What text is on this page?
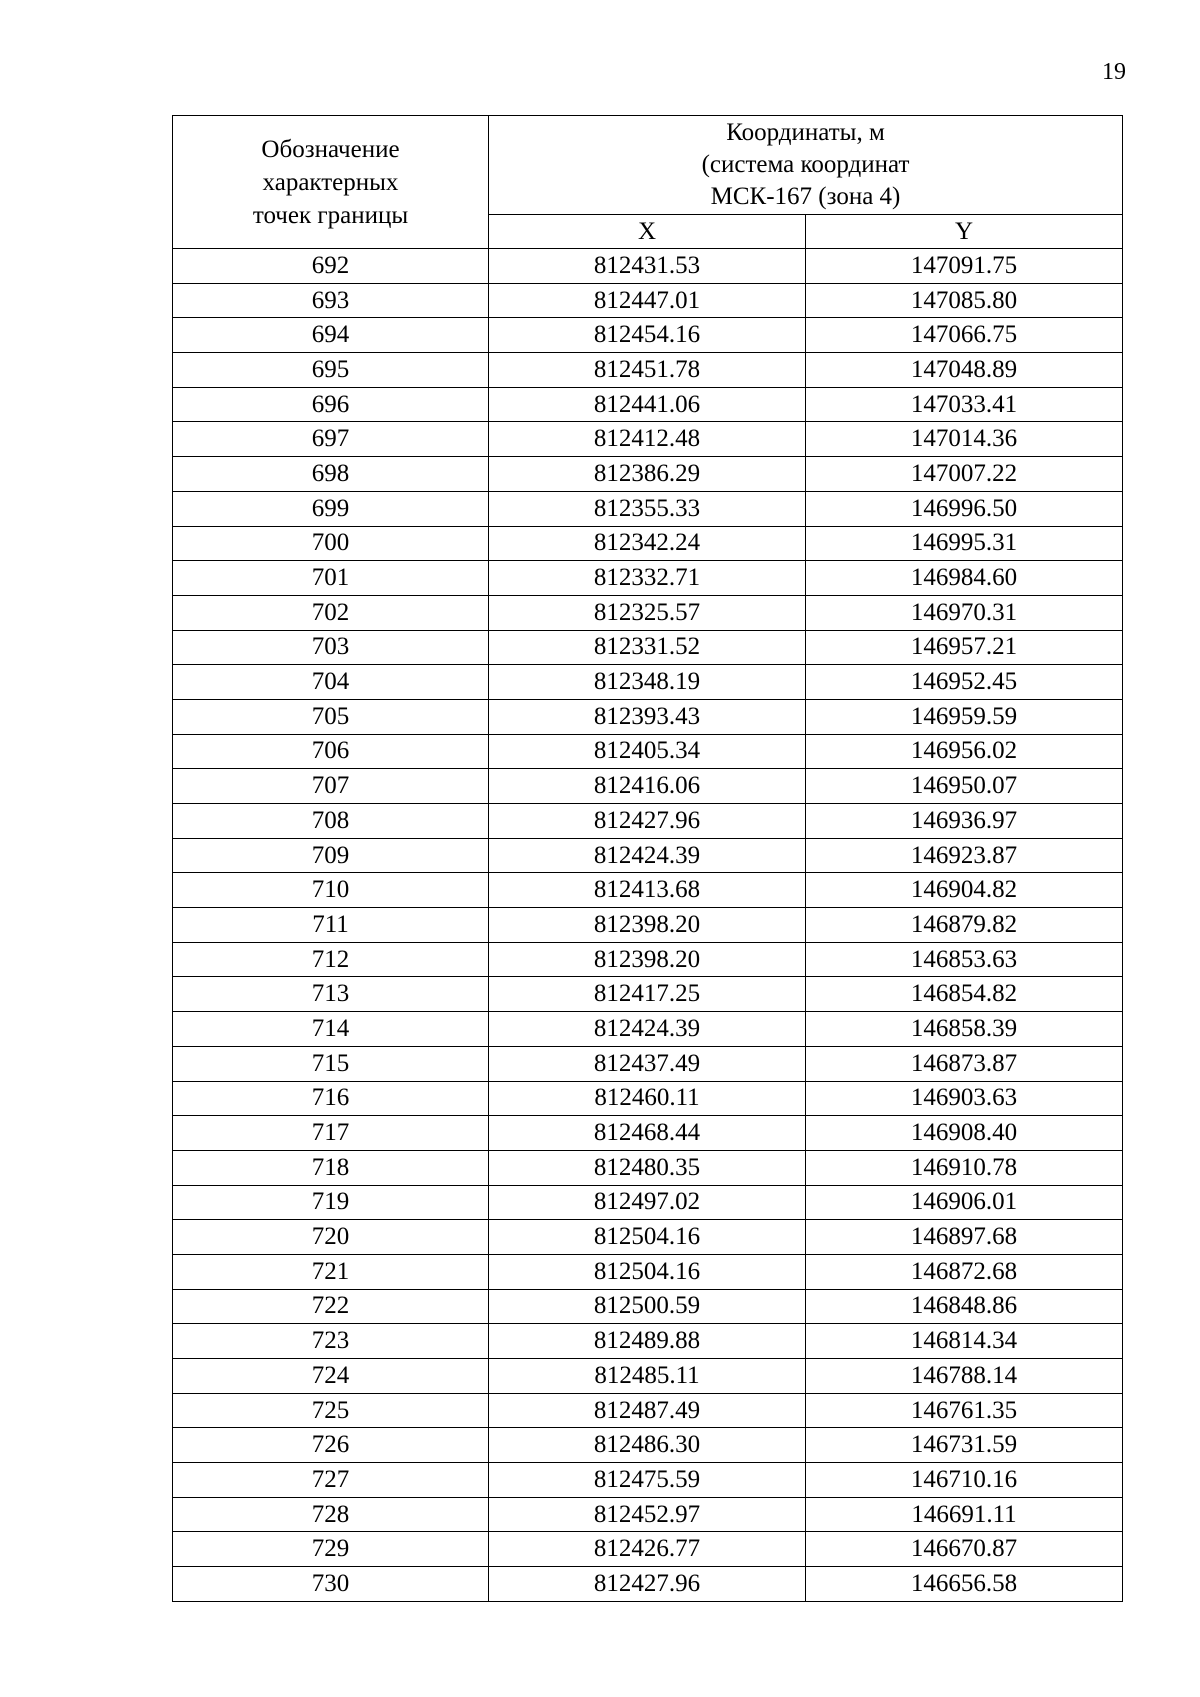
19
Обозначение
характерных
точек границы	Координаты, м
(система координат
МСК-167 (зона 4)	

	X	Y
692	812431.53	147091.75
693	812447.01	147085.80
694	812454.16	147066.75
695	812451.78	147048.89
696	812441.06	147033.41
697	812412.48	147014.36
698	812386.29	147007.22
699	812355.33	146996.50
700	812342.24	146995.31
701	812332.71	146984.60
702	812325.57	146970.31
703	812331.52	146957.21
704	812348.19	146952.45
705	812393.43	146959.59
706	812405.34	146956.02
707	812416.06	146950.07
708	812427.96	146936.97
709	812424.39	146923.87
710	812413.68	146904.82
711	812398.20	146879.82
712	812398.20	146853.63
713	812417.25	146854.82
714	812424.39	146858.39
715	812437.49	146873.87
716	812460.11	146903.63
717	812468.44	146908.40
718	812480.35	146910.78
719	812497.02	146906.01
720	812504.16	146897.68
721	812504.16	146872.68
722	812500.59	146848.86
723	812489.88	146814.34
724	812485.11	146788.14
725	812487.49	146761.35
726	812486.30	146731.59
727	812475.59	146710.16
728	812452.97	146691.11
729	812426.77	146670.87
730	812427.96	146656.58
